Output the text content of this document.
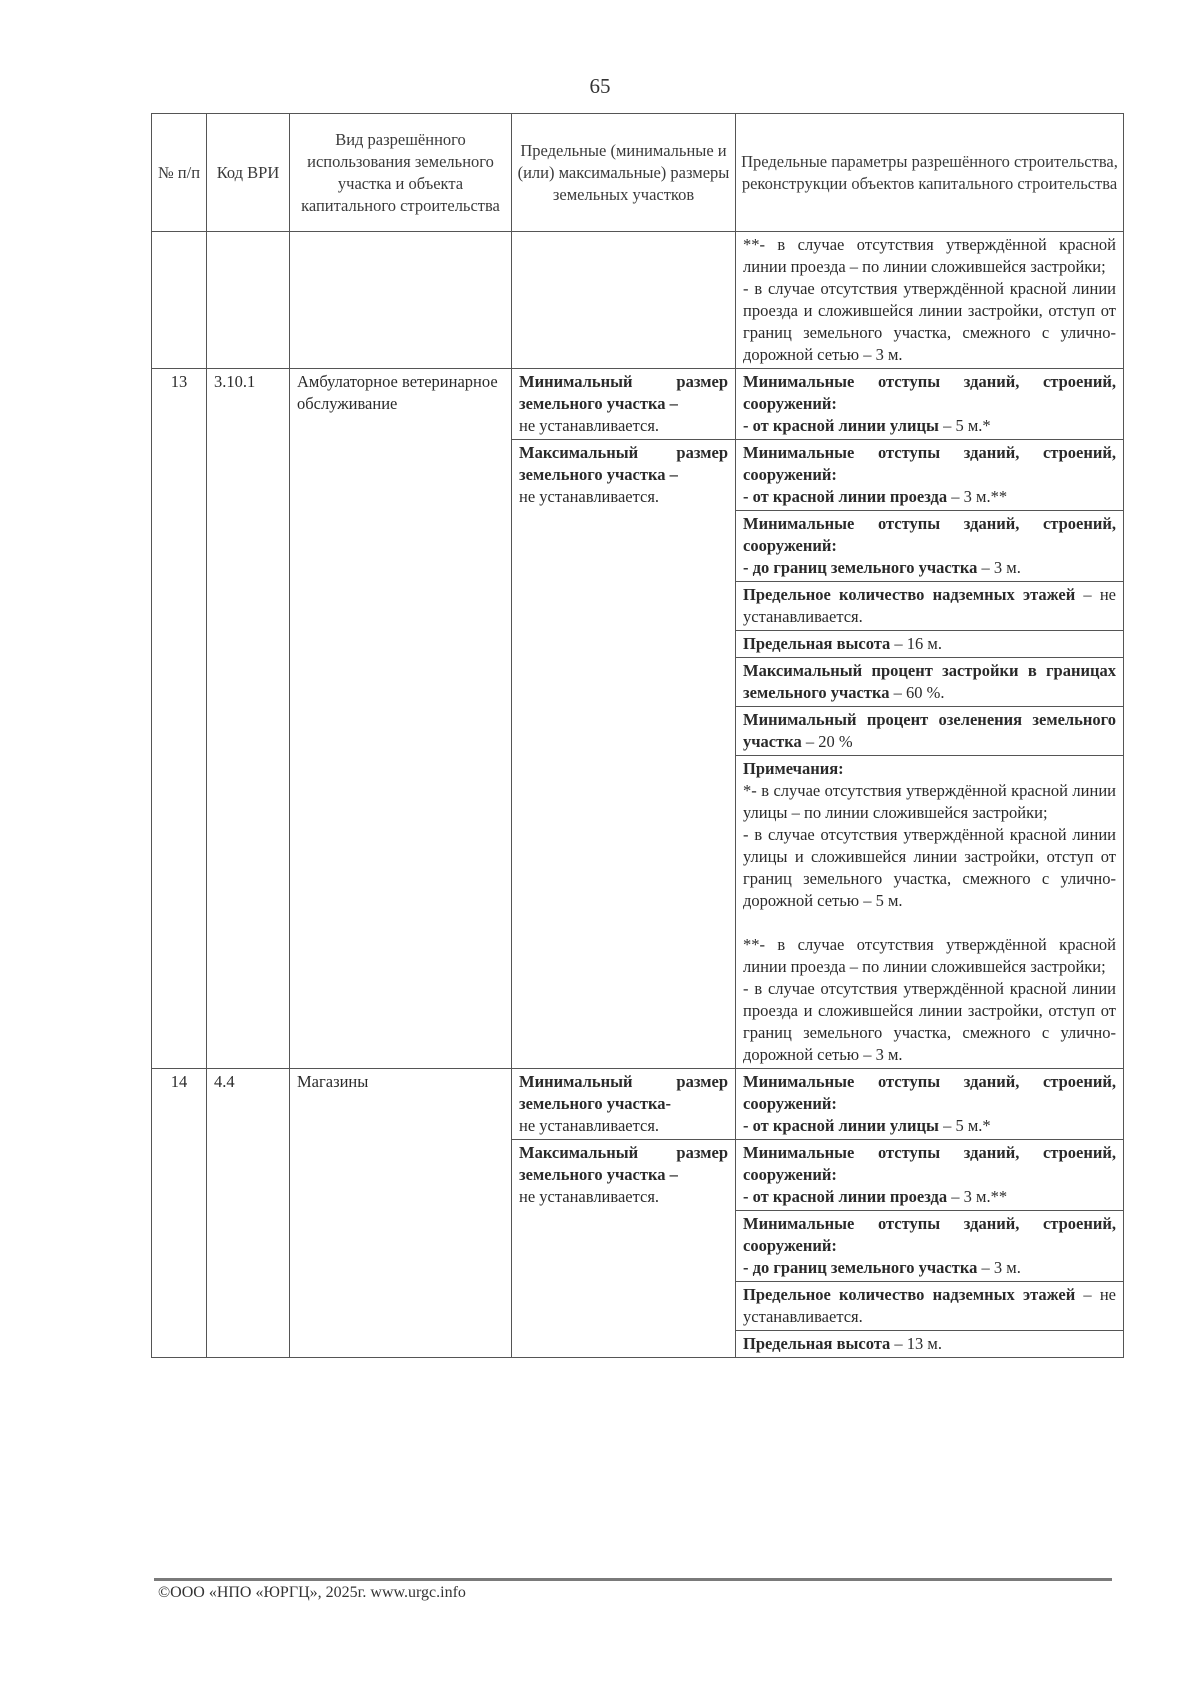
65
№ п/п	Код ВРИ	Вид разрешённого использования земельного участка и объекта капитального строительства	Предельные (минимальные и (или) максимальные) размеры земельных участков	Предельные параметры разрешённого строительства, реконструкции объектов капитального строительства

				**- в случае отсутствия утверждённой красной линии проезда – по линии сложившейся застройки;
- в случае отсутствия утверждённой красной линии проезда и сложившейся линии застройки, отступ от границ земельного участка, смежного с улично-дорожной сетью – 3 м.

13	3.10.1	Амбулаторное ветеринарное обслуживание	Минимальный размер земельного участка –
не устанавливается.	Минимальные отступы зданий, строений, сооружений:
- от красной линии улицы – 5 м.*
			Максимальный размер земельного участка –
не устанавливается.	Минимальные отступы зданий, строений, сооружений:
- от красной линии проезда – 3 м.**
				Минимальные отступы зданий, строений, сооружений:
- до границ земельного участка – 3 м.
				Предельное количество надземных этажей – не устанавливается.
				Предельная высота – 16 м.
				Максимальный процент застройки в границах земельного участка – 60 %.
				Минимальный процент озеленения земельного участка – 20 %

				Примечания:
*- в случае отсутствия утверждённой красной линии улицы – по линии сложившейся застройки;
- в случае отсутствия утверждённой красной линии улицы и сложившейся линии застройки, отступ от границ земельного участка, смежного с улично-дорожной сетью – 5 м.
**- в случае отсутствия утверждённой красной линии проезда – по линии сложившейся застройки;
- в случае отсутствия утверждённой красной линии проезда и сложившейся линии застройки, отступ от границ земельного участка, смежного с улично-дорожной сетью – 3 м.

14	4.4	Магазины	Минимальный размер земельного участка-
не устанавливается.	Минимальные отступы зданий, строений, сооружений:
- от красной линии улицы – 5 м.*
			Максимальный размер земельного участка –
не устанавливается.	Минимальные отступы зданий, строений, сооружений:
- от красной линии проезда – 3 м.**
				Минимальные отступы зданий, строений, сооружений:
- до границ земельного участка – 3 м.
				Предельное количество надземных этажей – не устанавливается.
				Предельная высота – 13 м.
©ООО «НПО «ЮРГЦ», 2025г. www.urgc.info
